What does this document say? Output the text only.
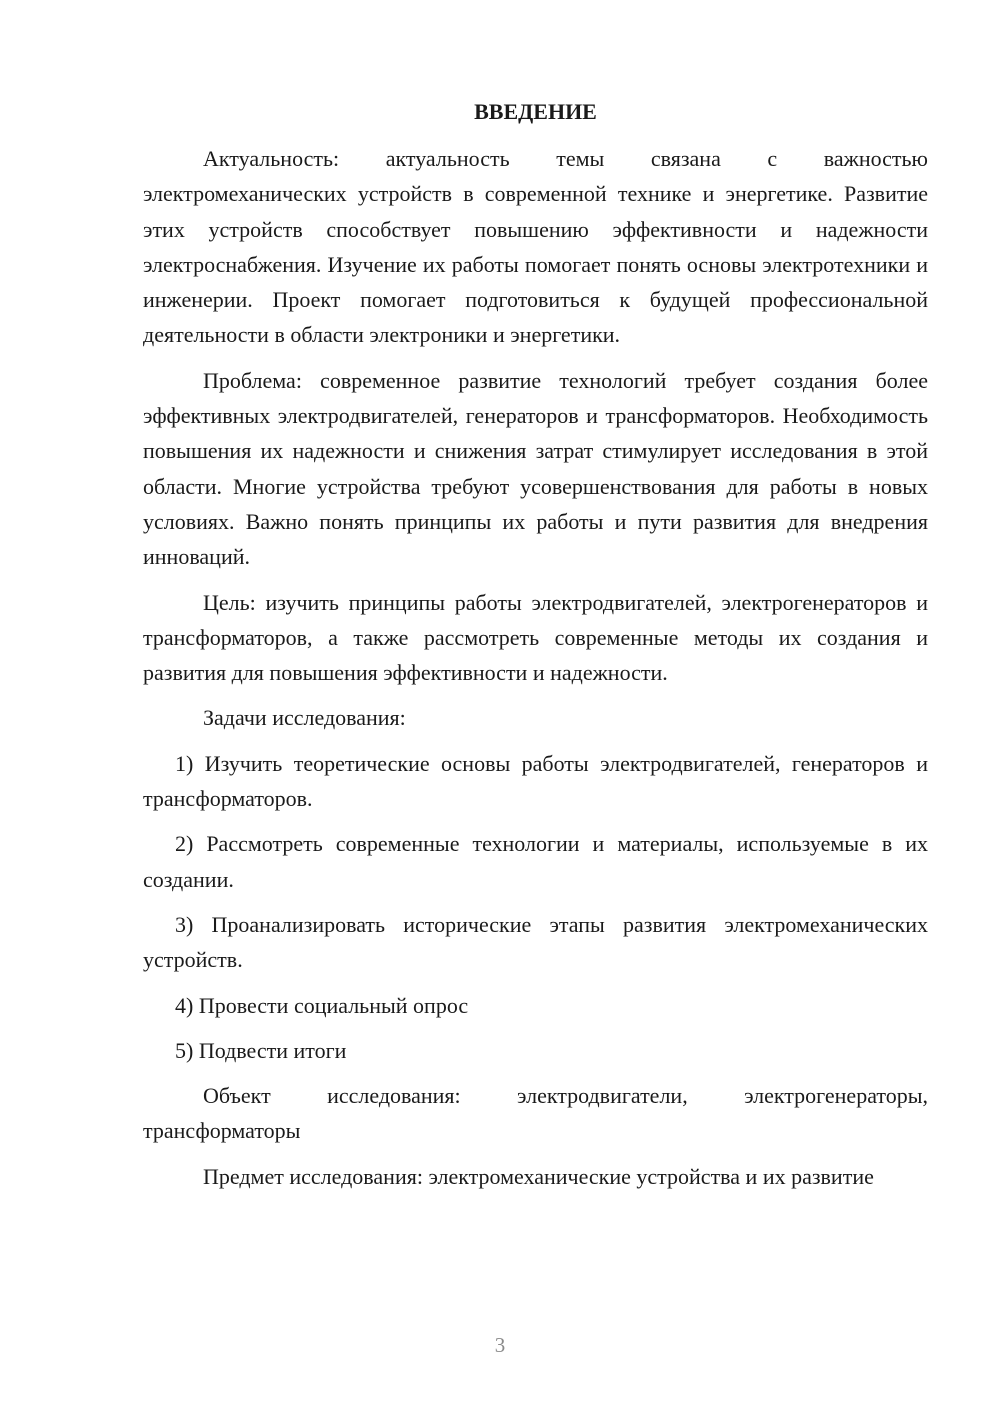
ВВЕДЕНИЕ

Актуальность: актуальность темы связана с важностью электромеханических устройств в современной технике и энергетике. Развитие этих устройств способствует повышению эффективности и надежности электроснабжения. Изучение их работы помогает понять основы электротехники и инженерии. Проект помогает подготовиться к будущей профессиональной деятельности в области электроники и энергетики.

Проблема: современное развитие технологий требует создания более эффективных электродвигателей, генераторов и трансформаторов. Необходимость повышения их надежности и снижения затрат стимулирует исследования в этой области. Многие устройства требуют усовершенствования для работы в новых условиях. Важно понять принципы их работы и пути развития для внедрения инноваций.

Цель: изучить принципы работы электродвигателей, электрогенераторов и трансформаторов, а также рассмотреть современные методы их создания и развития для повышения эффективности и надежности.

Задачи исследования:

1) Изучить теоретические основы работы электродвигателей, генераторов и трансформаторов.

2) Рассмотреть современные технологии и материалы, используемые в их создании.

3) Проанализировать исторические этапы развития электромеханических устройств.

4) Провести социальный опрос

5) Подвести итоги

Объект исследования: электродвигатели, электрогенераторы, трансформаторы

Предмет исследования: электромеханические устройства и их развитие

3
